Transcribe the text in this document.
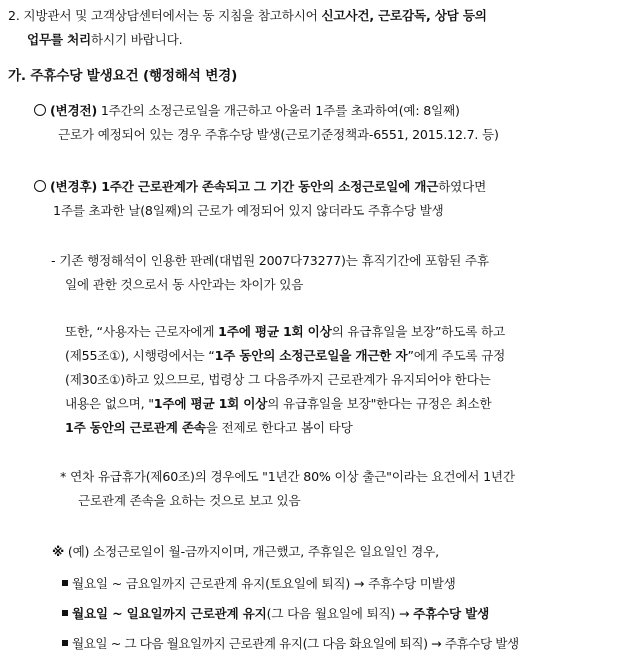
2. 지방관서 및 고객상담센터에서는 동 지침을 참고하시어 신고사건, 근로감독, 상담 등의
업무를 처리하시기 바랍니다.
가. 주휴수당 발생요건 (행정해석 변경)
(변경전) 1주간의 소정근로일을 개근하고 아울러 1주를 초과하여(예: 8일째)
근로가 예정되어 있는 경우 주휴수당 발생(근로기준정책과-6551, 2015.12.7. 등)
(변경후) 1주간 근로관계가 존속되고 그 기간 동안의 소정근로일에 개근하였다면
1주를 초과한 날(8일째)의 근로가 예정되어 있지 않더라도 주휴수당 발생
- 기존 행정해석이 인용한 판례(대법원 2007다73277)는 휴직기간에 포함된 주휴
일에 관한 것으로서 동 사안과는 차이가 있음
또한, “사용자는 근로자에게 1주에 평균 1회 이상의 유급휴일을 보장”하도록 하고
(제55조①), 시행령에서는 “1주 동안의 소정근로일을 개근한 자”에게 주도록 규정
(제30조①)하고 있으므로, 법령상 그 다음주까지 근로관계가 유지되어야 한다는
내용은 없으며, "1주에 평균 1회 이상의 유급휴일을 보장"한다는 규정은 최소한
1주 동안의 근로관계 존속을 전제로 한다고 봄이 타당
* 연차 유급휴가(제60조)의 경우에도 "1년간 80% 이상 출근"이라는 요건에서 1년간
근로관계 존속을 요하는 것으로 보고 있음
※ (예) 소정근로일이 월-금까지이며, 개근했고, 주휴일은 일요일인 경우,
월요일 ~ 금요일까지 근로관계 유지(토요일에 퇴직) → 주휴수당 미발생
월요일 ~ 일요일까지 근로관계 유지(그 다음 월요일에 퇴직) → 주휴수당 발생
월요일 ~ 그 다음 월요일까지 근로관계 유지(그 다음 화요일에 퇴직) → 주휴수당 발생
